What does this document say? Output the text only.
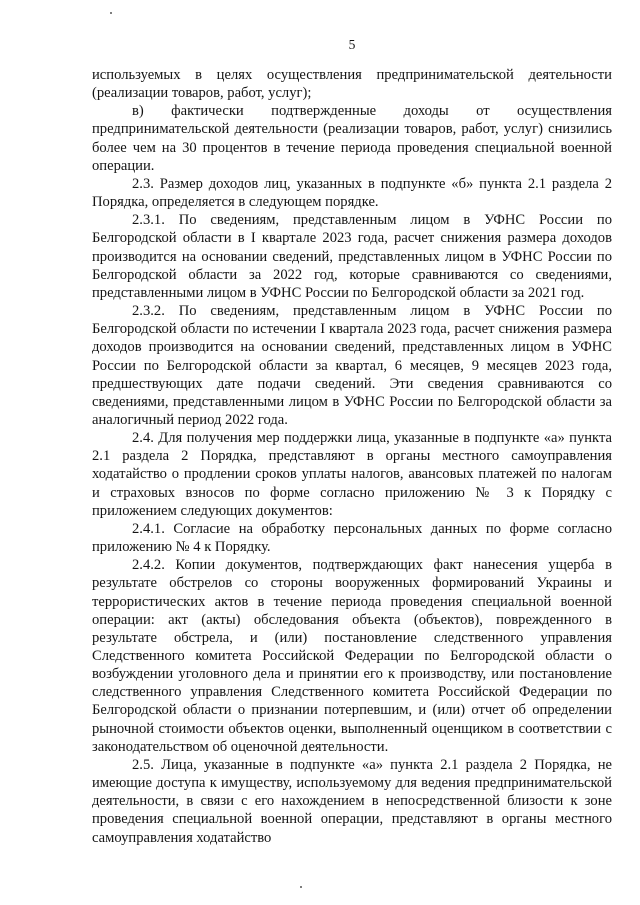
5

используемых в целях осуществления предпринимательской деятельности (реализации товаров, работ, услуг);

в) фактически подтвержденные доходы от осуществления предпринимательской деятельности (реализации товаров, работ, услуг) снизились более чем на 30 процентов в течение периода проведения специальной военной операции.

2.3. Размер доходов лиц, указанных в подпункте «б» пункта 2.1 раздела 2 Порядка, определяется в следующем порядке.

2.3.1. По сведениям, представленным лицом в УФНС России по Белгородской области в I квартале 2023 года, расчет снижения размера доходов производится на основании сведений, представленных лицом в УФНС России по Белгородской области за 2022 год, которые сравниваются со сведениями, представленными лицом в УФНС России по Белгородской области за 2021 год.

2.3.2. По сведениям, представленным лицом в УФНС России по Белгородской области по истечении I квартала 2023 года, расчет снижения размера доходов производится на основании сведений, представленных лицом в УФНС России по Белгородской области за квартал, 6 месяцев, 9 месяцев 2023 года, предшествующих дате подачи сведений. Эти сведения сравниваются со сведениями, представленными лицом в УФНС России по Белгородской области за аналогичный период 2022 года.

2.4. Для получения мер поддержки лица, указанные в подпункте «а» пункта 2.1 раздела 2 Порядка, представляют в органы местного самоуправления ходатайство о продлении сроков уплаты налогов, авансовых платежей по налогам и страховых взносов по форме согласно приложению № 3 к Порядку с приложением следующих документов:

2.4.1. Согласие на обработку персональных данных по форме согласно приложению № 4 к Порядку.

2.4.2. Копии документов, подтверждающих факт нанесения ущерба в результате обстрелов со стороны вооруженных формирований Украины и террористических актов в течение периода проведения специальной военной операции: акт (акты) обследования объекта (объектов), поврежденного в результате обстрела, и (или) постановление следственного управления Следственного комитета Российской Федерации по Белгородской области о возбуждении уголовного дела и принятии его к производству, или постановление следственного управления Следственного комитета Российской Федерации по Белгородской области о признании потерпевшим, и (или) отчет об определении рыночной стоимости объектов оценки, выполненный оценщиком в соответствии с законодательством об оценочной деятельности.

2.5. Лица, указанные в подпункте «а» пункта 2.1 раздела 2 Порядка, не имеющие доступа к имуществу, используемому для ведения предпринимательской деятельности, в связи с его нахождением в непосредственной близости к зоне проведения специальной военной операции, представляют в органы местного самоуправления ходатайство
